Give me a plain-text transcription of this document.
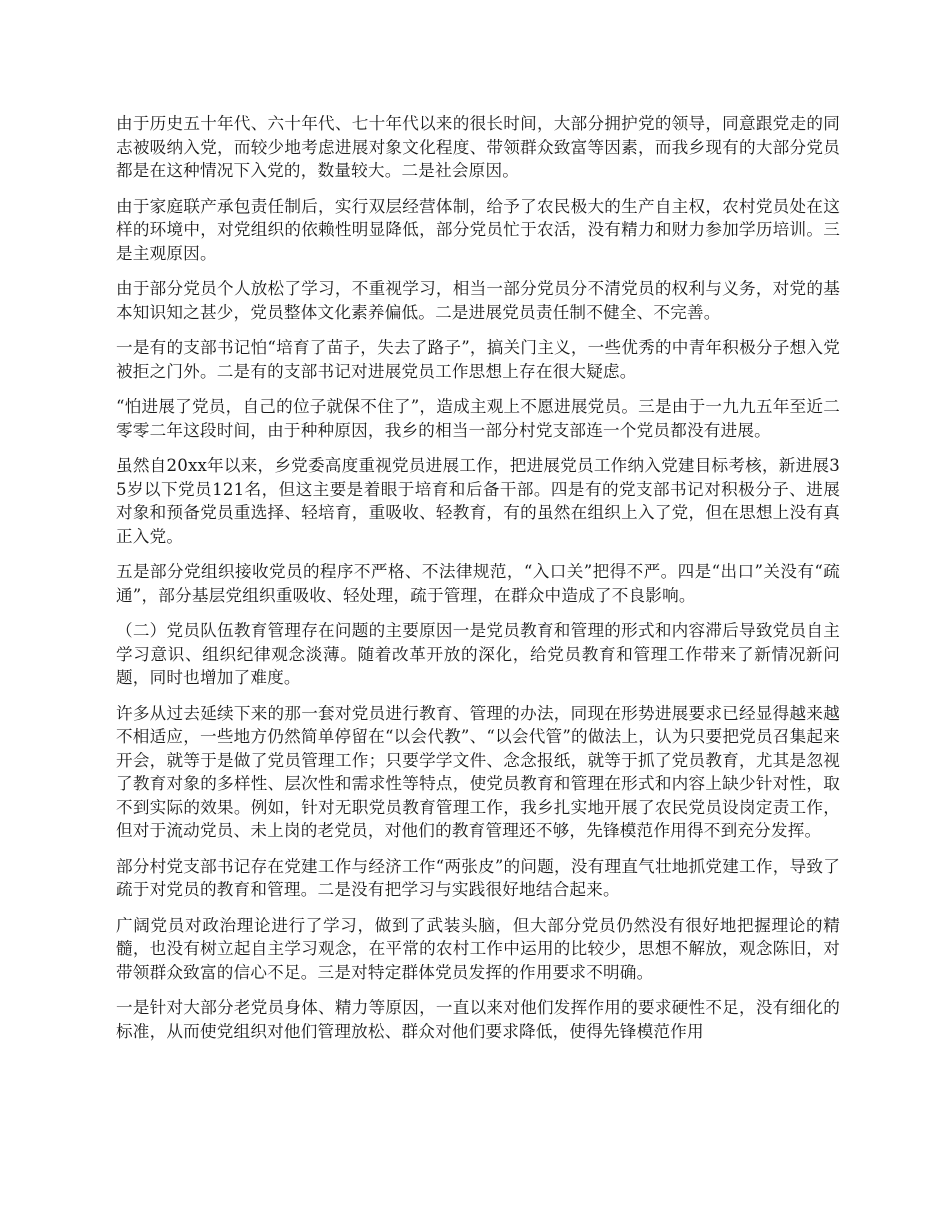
由于历史五十年代、六十年代、七十年代以来的很长时间，大部分拥护党的领导，同意跟党走的同志被吸纳入党，而较少地考虑进展对象文化程度、带领群众致富等因素，而我乡现有的大部分党员都是在这种情况下入党的，数量较大。二是社会原因。

由于家庭联产承包责任制后，实行双层经营体制，给予了农民极大的生产自主权，农村党员处在这样的环境中，对党组织的依赖性明显降低，部分党员忙于农活，没有精力和财力参加学历培训。三是主观原因。

由于部分党员个人放松了学习，不重视学习，相当一部分党员分不清党员的权利与义务，对党的基本知识知之甚少，党员整体文化素养偏低。二是进展党员责任制不健全、不完善。

一是有的支部书记怕“培育了苗子，失去了路子”，搞关门主义，一些优秀的中青年积极分子想入党被拒之门外。二是有的支部书记对进展党员工作思想上存在很大疑虑。

“怕进展了党员，自己的位子就保不住了”，造成主观上不愿进展党员。三是由于一九九五年至近二零零二年这段时间，由于种种原因，我乡的相当一部分村党支部连一个党员都没有进展。

虽然自20xx年以来，乡党委高度重视党员进展工作，把进展党员工作纳入党建目标考核，新进展35岁以下党员121名，但这主要是着眼于培育和后备干部。四是有的党支部书记对积极分子、进展对象和预备党员重选择、轻培育，重吸收、轻教育，有的虽然在组织上入了党，但在思想上没有真正入党。

五是部分党组织接收党员的程序不严格、不法律规范，“入口关”把得不严。四是“出口”关没有“疏通”，部分基层党组织重吸收、轻处理，疏于管理，在群众中造成了不良影响。

（二）党员队伍教育管理存在问题的主要原因一是党员教育和管理的形式和内容滞后导致党员自主学习意识、组织纪律观念淡薄。随着改革开放的深化，给党员教育和管理工作带来了新情况新问题，同时也增加了难度。

许多从过去延续下来的那一套对党员进行教育、管理的办法，同现在形势进展要求已经显得越来越不相适应，一些地方仍然简单停留在“以会代教”、“以会代管”的做法上，认为只要把党员召集起来开会，就等于是做了党员管理工作；只要学学文件、念念报纸，就等于抓了党员教育，尤其是忽视了教育对象的多样性、层次性和需求性等特点，使党员教育和管理在形式和内容上缺少针对性，取不到实际的效果。例如，针对无职党员教育管理工作，我乡扎实地开展了农民党员设岗定责工作，但对于流动党员、未上岗的老党员，对他们的教育管理还不够，先锋模范作用得不到充分发挥。

部分村党支部书记存在党建工作与经济工作“两张皮”的问题，没有理直气壮地抓党建工作，导致了疏于对党员的教育和管理。二是没有把学习与实践很好地结合起来。

广阔党员对政治理论进行了学习，做到了武装头脑，但大部分党员仍然没有很好地把握理论的精髓，也没有树立起自主学习观念，在平常的农村工作中运用的比较少，思想不解放，观念陈旧，对带领群众致富的信心不足。三是对特定群体党员发挥的作用要求不明确。

一是针对大部分老党员身体、精力等原因，一直以来对他们发挥作用的要求硬性不足，没有细化的标准，从而使党组织对他们管理放松、群众对他们要求降低，使得先锋模范作用
